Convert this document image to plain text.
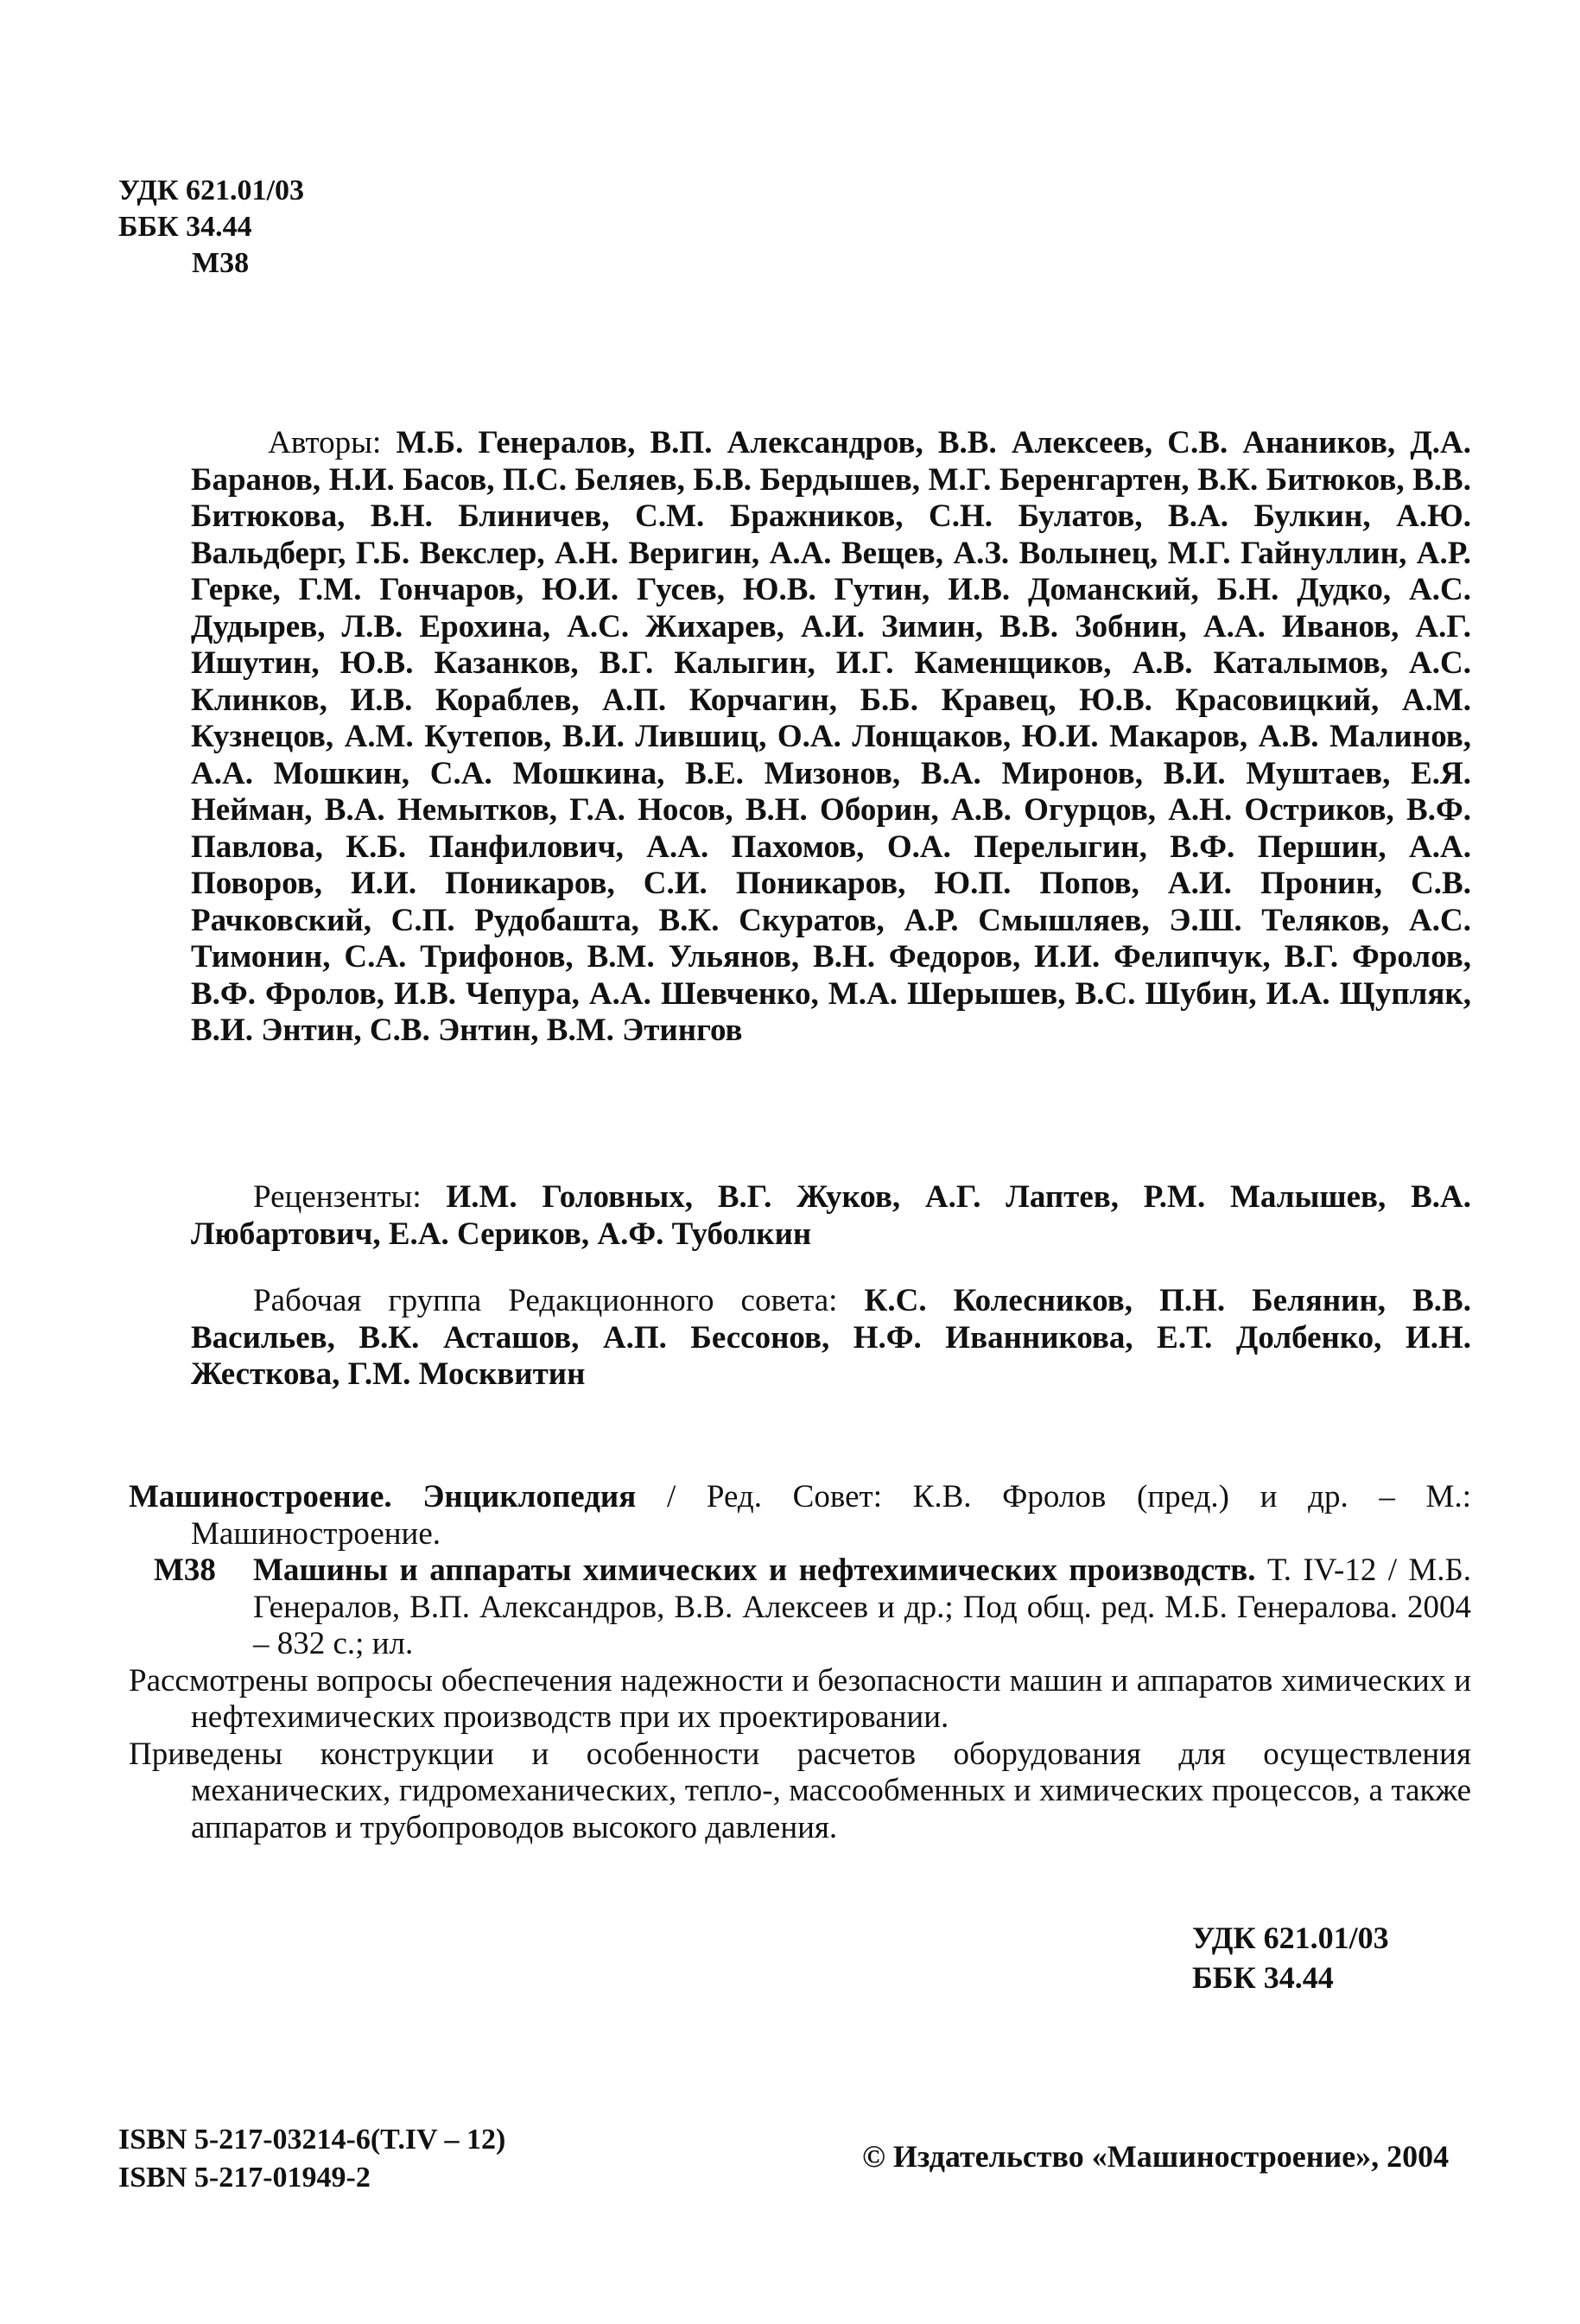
УДК 621.01/03
ББК 34.44
М38
Авторы: М.Б. Генералов, В.П. Александров, В.В. Алексеев, С.В. Анаников, Д.А. Баранов, Н.И. Басов, П.С. Беляев, Б.В. Бердышев, М.Г. Беренгартен, В.К. Битюков, В.В. Битюкова, В.Н. Блиничев, С.М. Бражников, С.Н. Булатов, В.А. Булкин, А.Ю. Вальдберг, Г.Б. Векслер, А.Н. Веригин, А.А. Вещев, А.З. Волынец, М.Г. Гайнуллин, А.Р. Герке, Г.М. Гончаров, Ю.И. Гусев, Ю.В. Гутин, И.В. Доманский, Б.Н. Дудко, А.С. Дудырев, Л.В. Ерохина, А.С. Жихарев, А.И. Зимин, В.В. Зобнин, А.А. Иванов, А.Г. Ишутин, Ю.В. Казанков, В.Г. Калыгин, И.Г. Каменщиков, А.В. Каталымов, А.С. Клинков, И.В. Кораблев, А.П. Корчагин, Б.Б. Кравец, Ю.В. Красовицкий, А.М. Кузнецов, А.М. Кутепов, В.И. Лившиц, О.А. Лонщаков, Ю.И. Макаров, А.В. Малинов, А.А. Мошкин, С.А. Мошкина, В.Е. Мизонов, В.А. Миронов, В.И. Муштаев, Е.Я. Нейман, В.А. Немытков, Г.А. Носов, В.Н. Оборин, А.В. Огурцов, А.Н. Остриков, В.Ф. Павлова, К.Б. Панфилович, А.А. Пахомов, О.А. Перелыгин, В.Ф. Першин, А.А. Поворов, И.И. Поникаров, С.И. Поникаров, Ю.П. Попов, А.И. Пронин, С.В. Рачковский, С.П. Рудобашта, В.К. Скуратов, А.Р. Смышляев, Э.Ш. Теляков, А.С. Тимонин, С.А. Трифонов, В.М. Ульянов, В.Н. Федоров, И.И. Фелипчук, В.Г. Фролов, В.Ф. Фролов, И.В. Чепура, А.А. Шевченко, М.А. Шерышев, В.С. Шубин, И.А. Щупляк, В.И. Энтин, С.В. Энтин, В.М. Этингов
Рецензенты: И.М. Головных, В.Г. Жуков, А.Г. Лаптев, Р.М. Малышев, В.А. Любартович, Е.А. Сериков, А.Ф. Туболкин
Рабочая группа Редакционного совета: К.С. Колесников, П.Н. Белянин, В.В. Васильев, В.К. Асташов, А.П. Бессонов, Н.Ф. Иванникова, Е.Т. Долбенко, И.Н. Жесткова, Г.М. Москвитин
М38

Машиностроение. Энциклопедия / Ред. Совет: К.В. Фролов (пред.) и др. – М.: Машиностроение.

Машины и аппараты химических и нефтехимических производств. Т. IV-12 / М.Б. Генералов, В.П. Александров, В.В. Алексеев и др.; Под общ. ред. М.Б. Генералова. 2004 – 832 с.; ил.

Рассмотрены вопросы обеспечения надежности и безопасности машин и аппаратов химических и нефтехимических производств при их проектировании.

Приведены конструкции и особенности расчетов оборудования для осуществления механических, гидромеханических, тепло-, массообменных и химических процессов, а также аппаратов и трубопроводов высокого давления.

УДК 621.01/03
ББК 34.44
ISBN 5-217-03214-6(T.IV – 12)
ISBN 5-217-01949-2
© Издательство «Машиностроение», 2004
